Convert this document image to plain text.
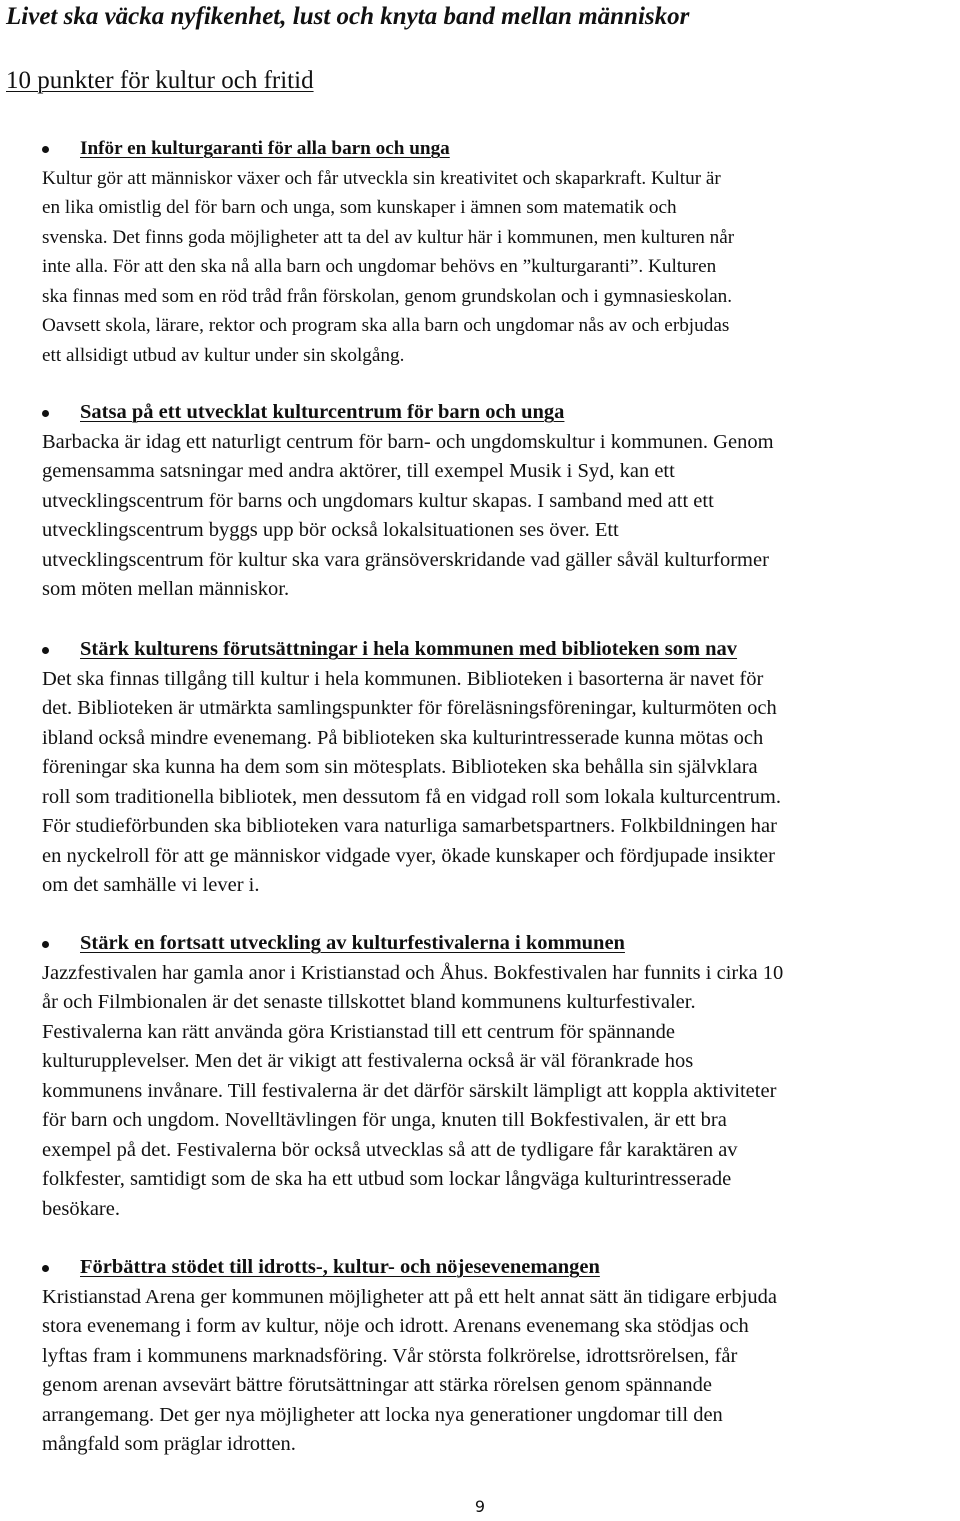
Livet ska väcka nyfikenhet, lust och knyta band mellan människor
10 punkter för kultur och fritid
Inför en kulturgaranti för alla barn och unga

Kultur gör att människor växer och får utveckla sin kreativitet och skaparkraft. Kultur är
en lika omistlig del för barn och unga, som kunskaper i ämnen som matematik och
svenska. Det finns goda möjligheter att ta del av kultur här i kommunen, men kulturen når
inte alla. För att den ska nå alla barn och ungdomar behövs en ”kulturgaranti”. Kulturen
ska finnas med som en röd tråd från förskolan, genom grundskolan och i gymnasieskolan.
Oavsett skola, lärare, rektor och program ska alla barn och ungdomar nås av och erbjudas
ett allsidigt utbud av kultur under sin skolgång.

Satsa på ett utvecklat kulturcentrum för barn och unga

Barbacka är idag ett naturligt centrum för barn- och ungdomskultur i kommunen. Genom
gemensamma satsningar med andra aktörer, till exempel Musik i Syd, kan ett
utvecklingscentrum för barns och ungdomars kultur skapas. I samband med att ett
utvecklingscentrum byggs upp bör också lokalsituationen ses över. Ett
utvecklingscentrum för kultur ska vara gränsöverskridande vad gäller såväl kulturformer
som möten mellan människor.

Stärk kulturens förutsättningar i hela kommunen med biblioteken som nav

Det ska finnas tillgång till kultur i hela kommunen. Biblioteken i basorterna är navet för
det. Biblioteken är utmärkta samlingspunkter för föreläsningsföreningar, kulturmöten och
ibland också mindre evenemang. På biblioteken ska kulturintresserade kunna mötas och
föreningar ska kunna ha dem som sin mötesplats. Biblioteken ska behålla sin självklara
roll som traditionella bibliotek, men dessutom få en vidgad roll som lokala kulturcentrum.
För studieförbunden ska biblioteken vara naturliga samarbetspartners. Folkbildningen har
en nyckelroll för att ge människor vidgade vyer, ökade kunskaper och fördjupade insikter
om det samhälle vi lever i.

Stärk en fortsatt utveckling av kulturfestivalerna i kommunen

Jazzfestivalen har gamla anor i Kristianstad och Åhus. Bokfestivalen har funnits i cirka 10
år och Filmbionalen är det senaste tillskottet bland kommunens kulturfestivaler.
Festivalerna kan rätt använda göra Kristianstad till ett centrum för spännande
kulturupplevelser. Men det är vikigt att festivalerna också är väl förankrade hos
kommunens invånare. Till festivalerna är det därför särskilt lämpligt att koppla aktiviteter
för barn och ungdom. Novelltävlingen för unga, knuten till Bokfestivalen, är ett bra
exempel på det. Festivalerna bör också utvecklas så att de tydligare får karaktären av
folkfester, samtidigt som de ska ha ett utbud som lockar långväga kulturintresserade
besökare.

Förbättra stödet till idrotts-, kultur- och nöjesevenemangen

Kristianstad Arena ger kommunen möjligheter att på ett helt annat sätt än tidigare erbjuda
stora evenemang i form av kultur, nöje och idrott. Arenans evenemang ska stödjas och
lyftas fram i kommunens marknadsföring. Vår största folkrörelse, idrottsrörelsen, får
genom arenan avsevärt bättre förutsättningar att stärka rörelsen genom spännande
arrangemang. Det ger nya möjligheter att locka nya generationer ungdomar till den
mångfald som präglar idrotten.

9
